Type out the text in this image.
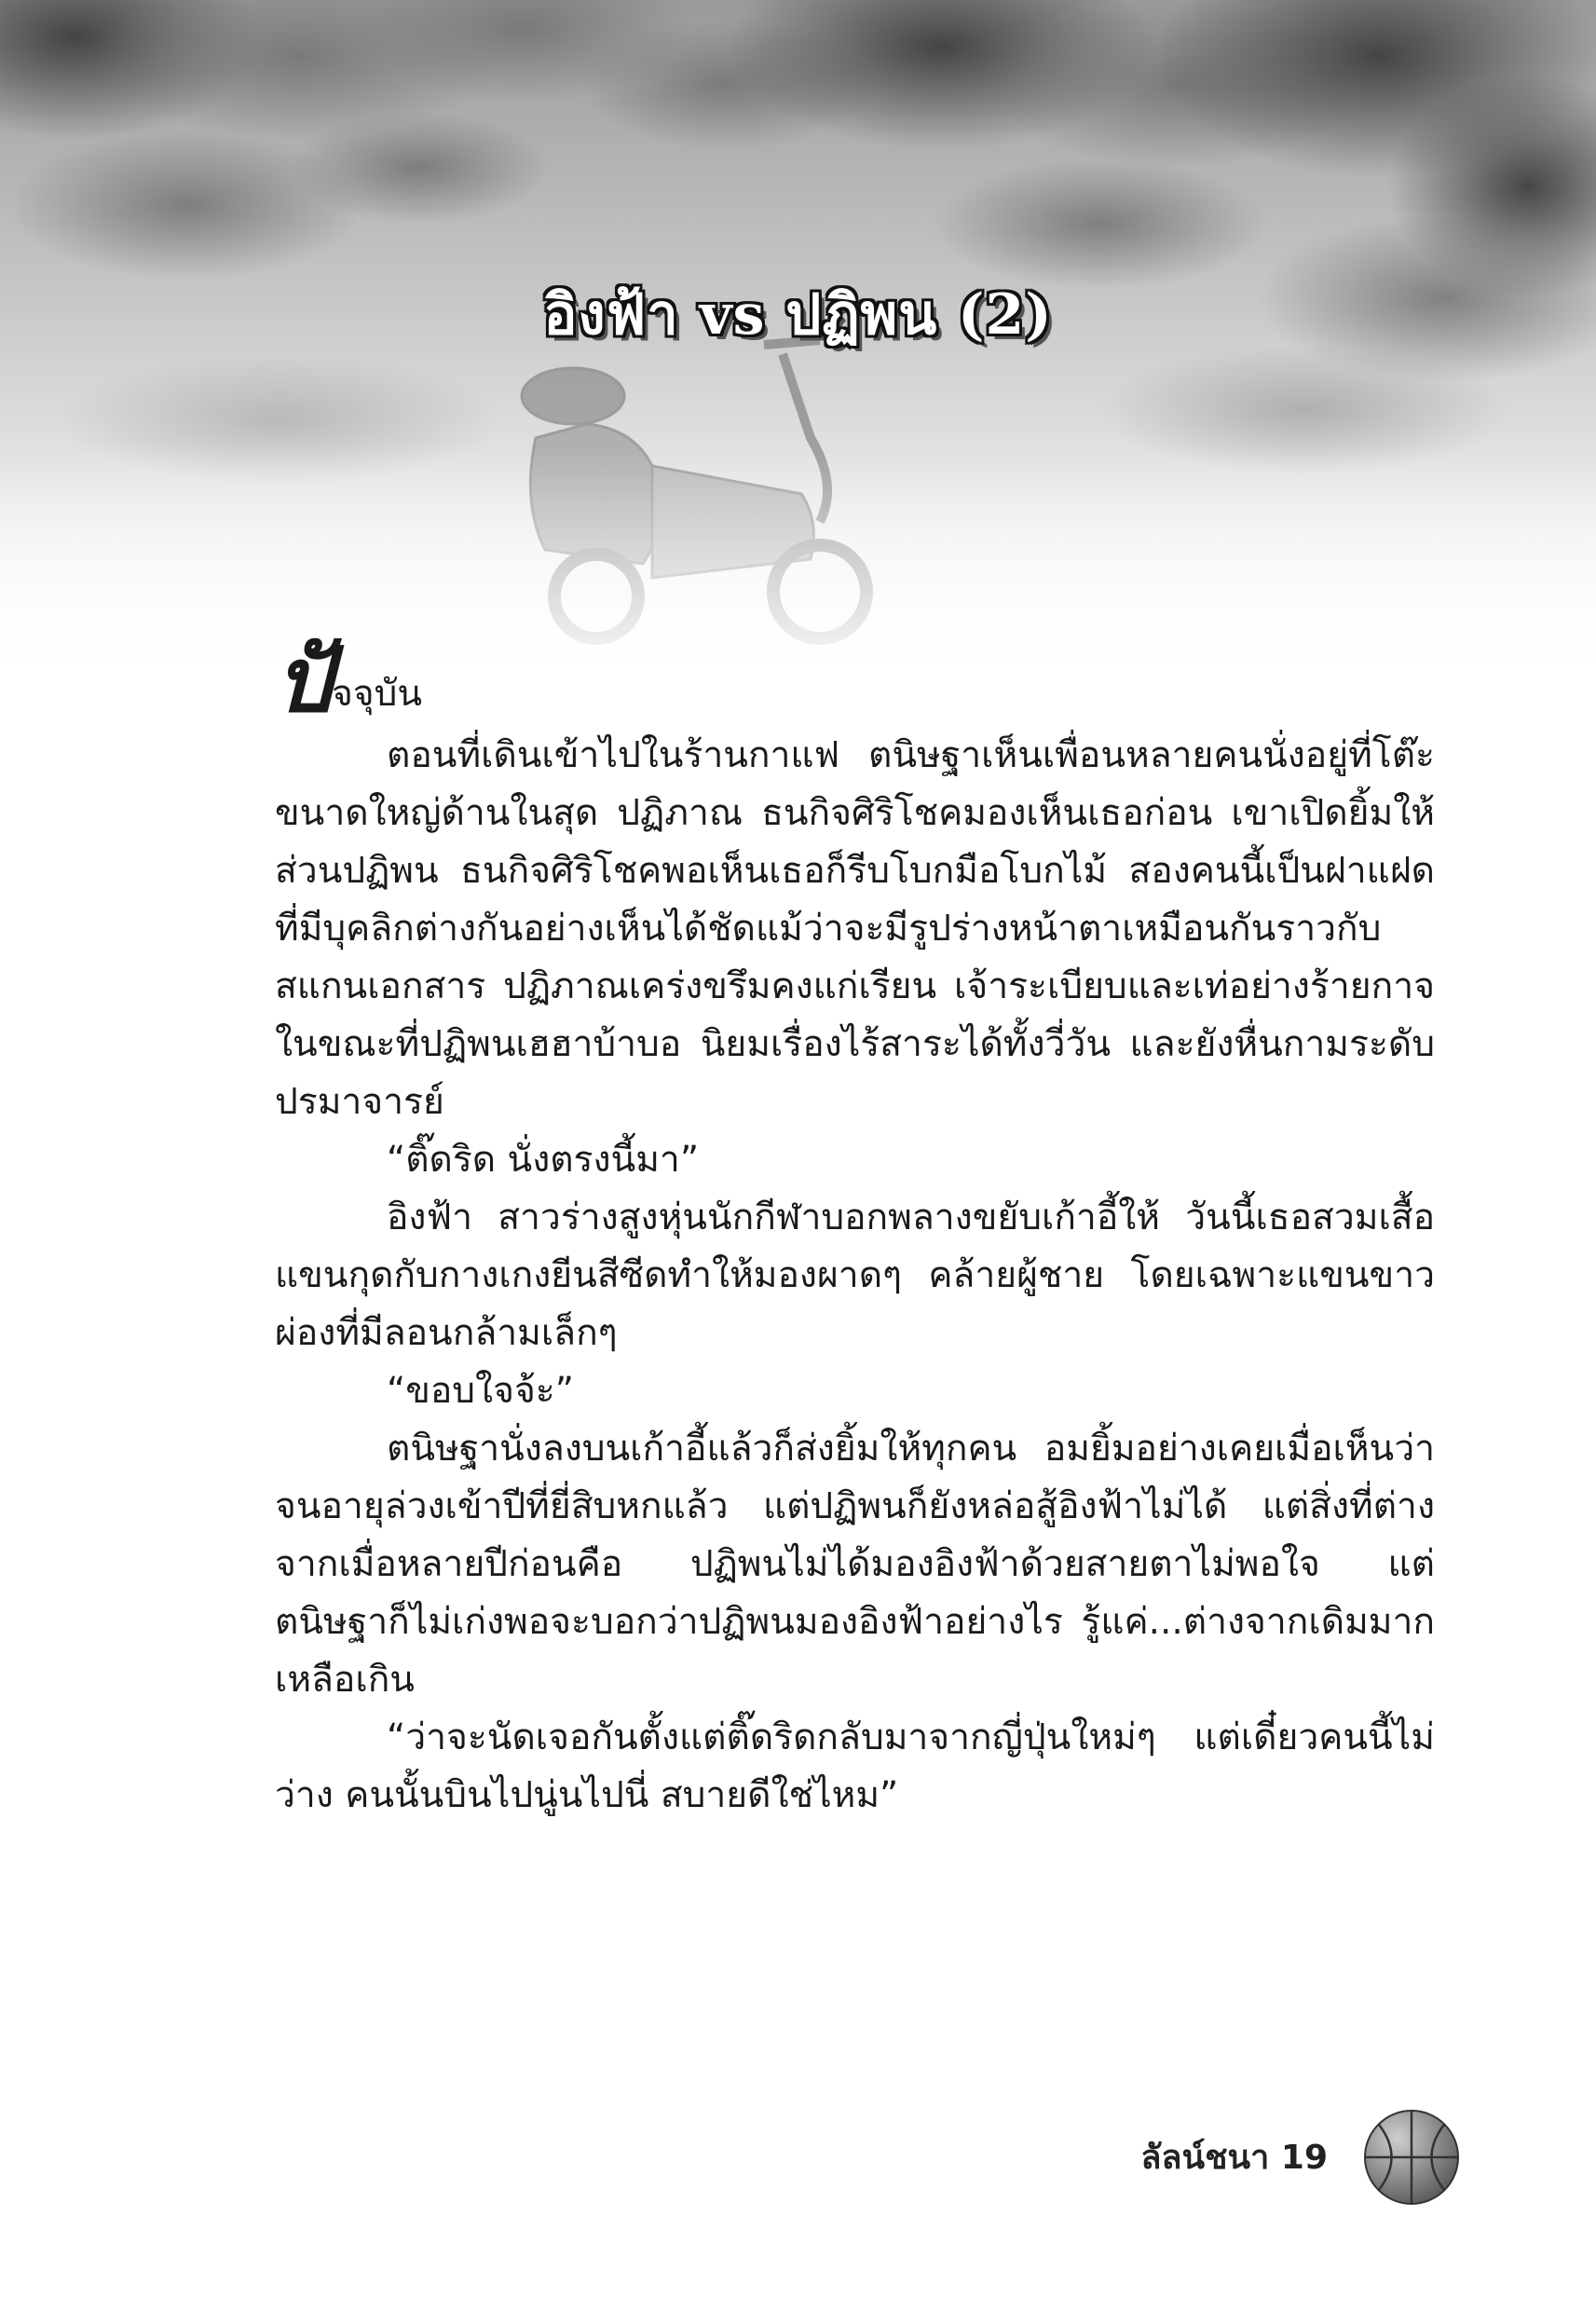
อิงฟ้า vs ปฏิพน (2)
ปัจจุบัน

ตอนที่เดินเข้าไปในร้านกาแฟ ตนิษฐาเห็นเพื่อนหลายคนนั่งอยู่ที่โต๊ะขนาดใหญ่ด้านในสุด ปฏิภาณ ธนกิจศิริโชคมองเห็นเธอก่อน เขาเปิดยิ้มให้ ส่วนปฏิพน ธนกิจศิริโชคพอเห็นเธอก็รีบโบกมือโบกไม้ สองคนนี้เป็นฝาแฝดที่มีบุคลิกต่างกันอย่างเห็นได้ชัดแม้ว่าจะมีรูปร่างหน้าตาเหมือนกันราวกับสแกนเอกสาร ปฏิภาณเคร่งขรึมคงแก่เรียน เจ้าระเบียบและเท่อย่างร้ายกาจ ในขณะที่ปฏิพนเฮฮาบ้าบอ นิยมเรื่องไร้สาระได้ทั้งวี่วัน และยังหื่นกามระดับปรมาจารย์

“ติ๊ดริด นั่งตรงนี้มา”

อิงฟ้า สาวร่างสูงหุ่นนักกีฬาบอกพลางขยับเก้าอี้ให้ วันนี้เธอสวมเสื้อแขนกุดกับกางเกงยีนสีซีดทำให้มองผาดๆ คล้ายผู้ชาย โดยเฉพาะแขนขาวผ่องที่มีลอนกล้ามเล็กๆ

“ขอบใจจ้ะ”

ตนิษฐานั่งลงบนเก้าอี้แล้วก็ส่งยิ้มให้ทุกคน อมยิ้มอย่างเคยเมื่อเห็นว่าจนอายุล่วงเข้าปีที่ยี่สิบหกแล้ว แต่ปฏิพนก็ยังหล่อสู้อิงฟ้าไม่ได้ แต่สิ่งที่ต่างจากเมื่อหลายปีก่อนคือ ปฏิพนไม่ได้มองอิงฟ้าด้วยสายตาไม่พอใจ แต่ตนิษฐาก็ไม่เก่งพอจะบอกว่าปฏิพนมองอิงฟ้าอย่างไร รู้แค่...ต่างจากเดิมมากเหลือเกิน

“ว่าจะนัดเจอกันตั้งแต่ติ๊ดริดกลับมาจากญี่ปุ่นใหม่ๆ แต่เดี๋ยวคนนี้ไม่ว่าง คนนั้นบินไปนู่นไปนี่ สบายดีใช่ไหม”

ลัลน์ชนา 19
